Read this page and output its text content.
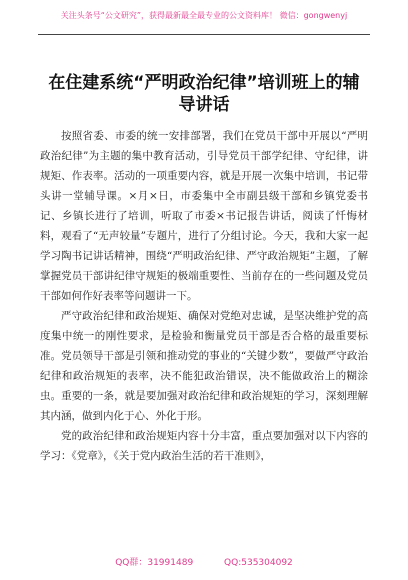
关注头条号“公文研究”，获得最新最全最专业的公文资料库！ 微信：gongwenyj
在住建系统“严明政治纪律”培训班上的辅导讲话

按照省委、市委的统一安排部署，我们在党员干部中开展以“严明政治纪律”为主题的集中教育活动，引导党员干部学纪律、守纪律，讲规矩、作表率。活动的一项重要内容，就是开展一次集中培训，书记带头讲一堂辅导课。×月×日，市委集中全市副县级干部和乡镇党委书记、乡镇长进行了培训，听取了市委×书记报告讲话，阅读了忏悔材料，观看了“无声较量”专题片，进行了分组讨论。今天，我和大家一起学习陶书记讲话精神，围绕“严明政治纪律、严守政治规矩”主题，了解掌握党员干部讲纪律守规矩的极端重要性、当前存在的一些问题及党员干部如何作好表率等问题讲一下。

严守政治纪律和政治规矩、确保对党绝对忠诚，是坚决维护党的高度集中统一的刚性要求，是检验和衡量党员干部是否合格的最重要标准。党员领导干部是引领和推动党的事业的“关键少数”，要做严守政治纪律和政治规矩的表率，决不能犯政治错误，决不能做政治上的糊涂虫。重要的一条，就是要加强对政治纪律和政治规矩的学习，深刻理解其内涵，做到内化于心、外化于形。

党的政治纪律和政治规矩内容十分丰富，重点要加强对以下内容的学习：《党章》，《关于党内政治生活的若干准则》，

QQ群：31991489	QQ:535304092
